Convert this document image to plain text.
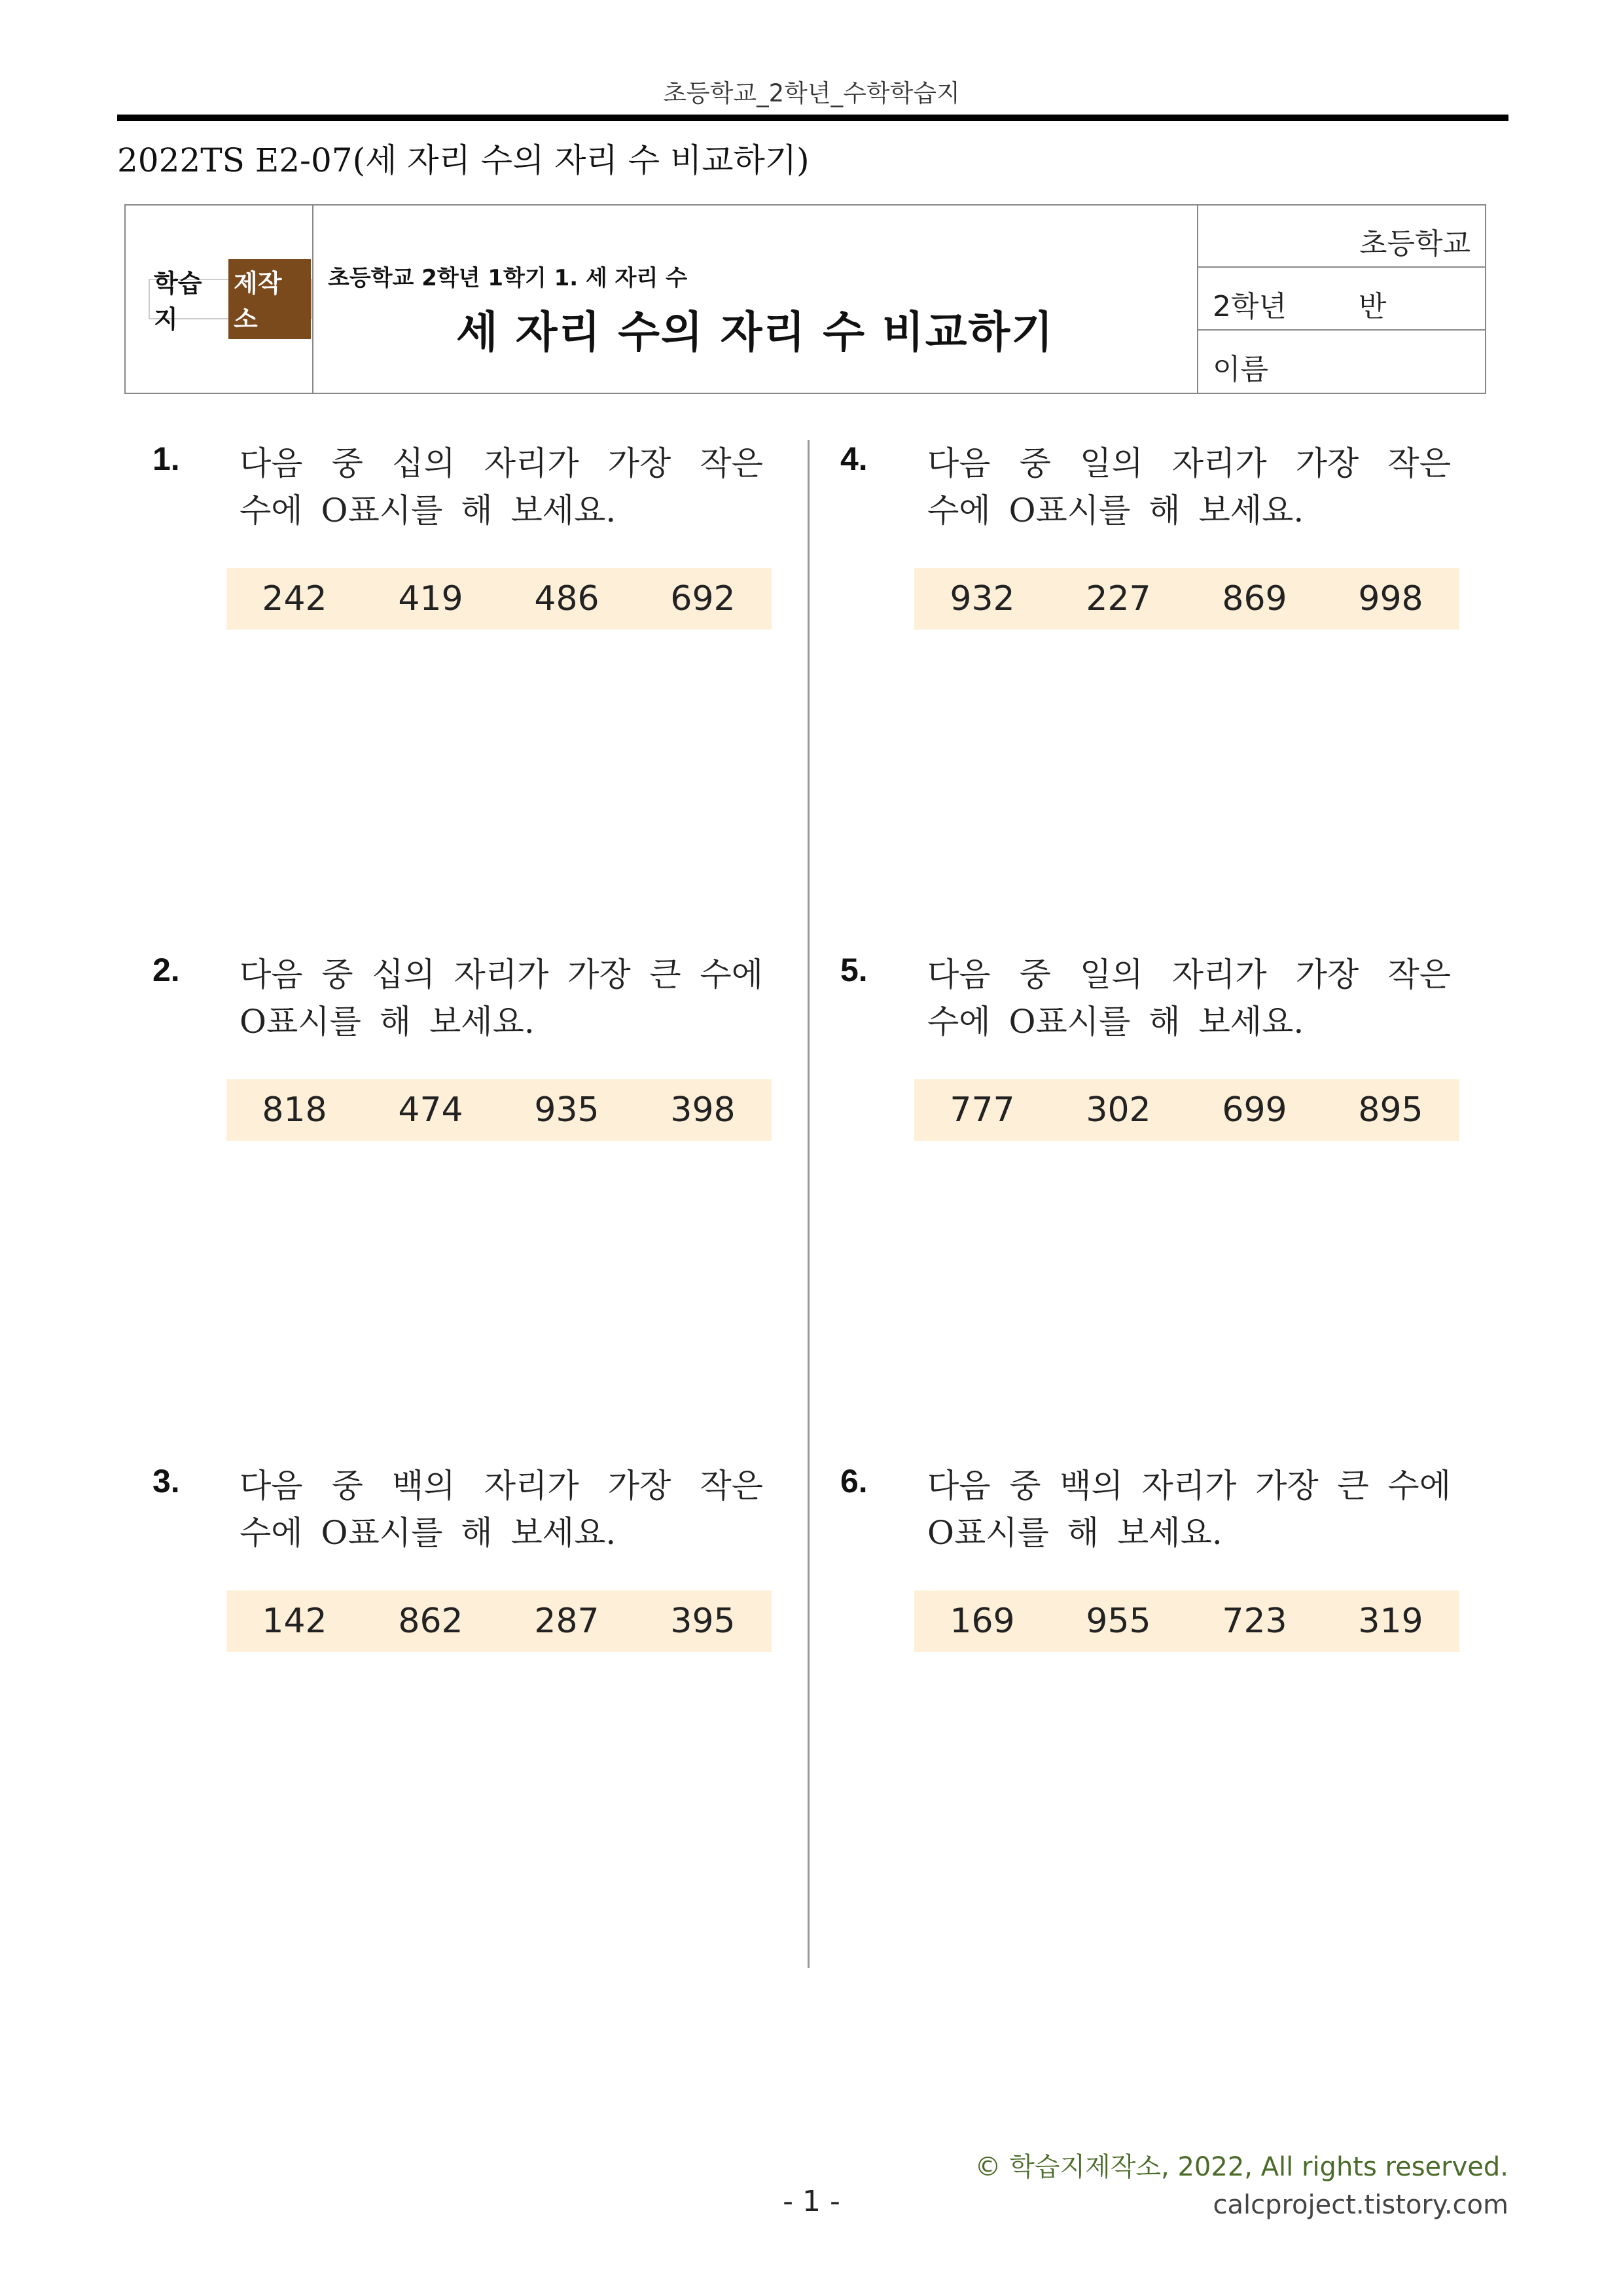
초등학교_2학년_수학학습지
2022TS E2-07(세 자리 수의 자리 수 비교하기)
학습지
제작소
초등학교 2학년 1학기 1. 세 자리 수
세 자리 수의 자리 수 비교하기
초등학교
2학년 반
이름
1. 다음 중 십의 자리가 가장 작은
수에 O표시를 해 보세요.
242	419	486	692
2. 다음 중 십의 자리가 가장 큰 수에
O표시를 해 보세요.
818	474	935	398
3. 다음 중 백의 자리가 가장 작은
수에 O표시를 해 보세요.
142	862	287	395
4. 다음 중 일의 자리가 가장 작은
수에 O표시를 해 보세요.
932	227	869	998
5. 다음 중 일의 자리가 가장 작은
수에 O표시를 해 보세요.
777	302	699	895
6. 다음 중 백의 자리가 가장 큰 수에
O표시를 해 보세요.
169	955	723	319
© 학습지제작소, 2022, All rights reserved.
calcproject.tistory.com
- 1 -
